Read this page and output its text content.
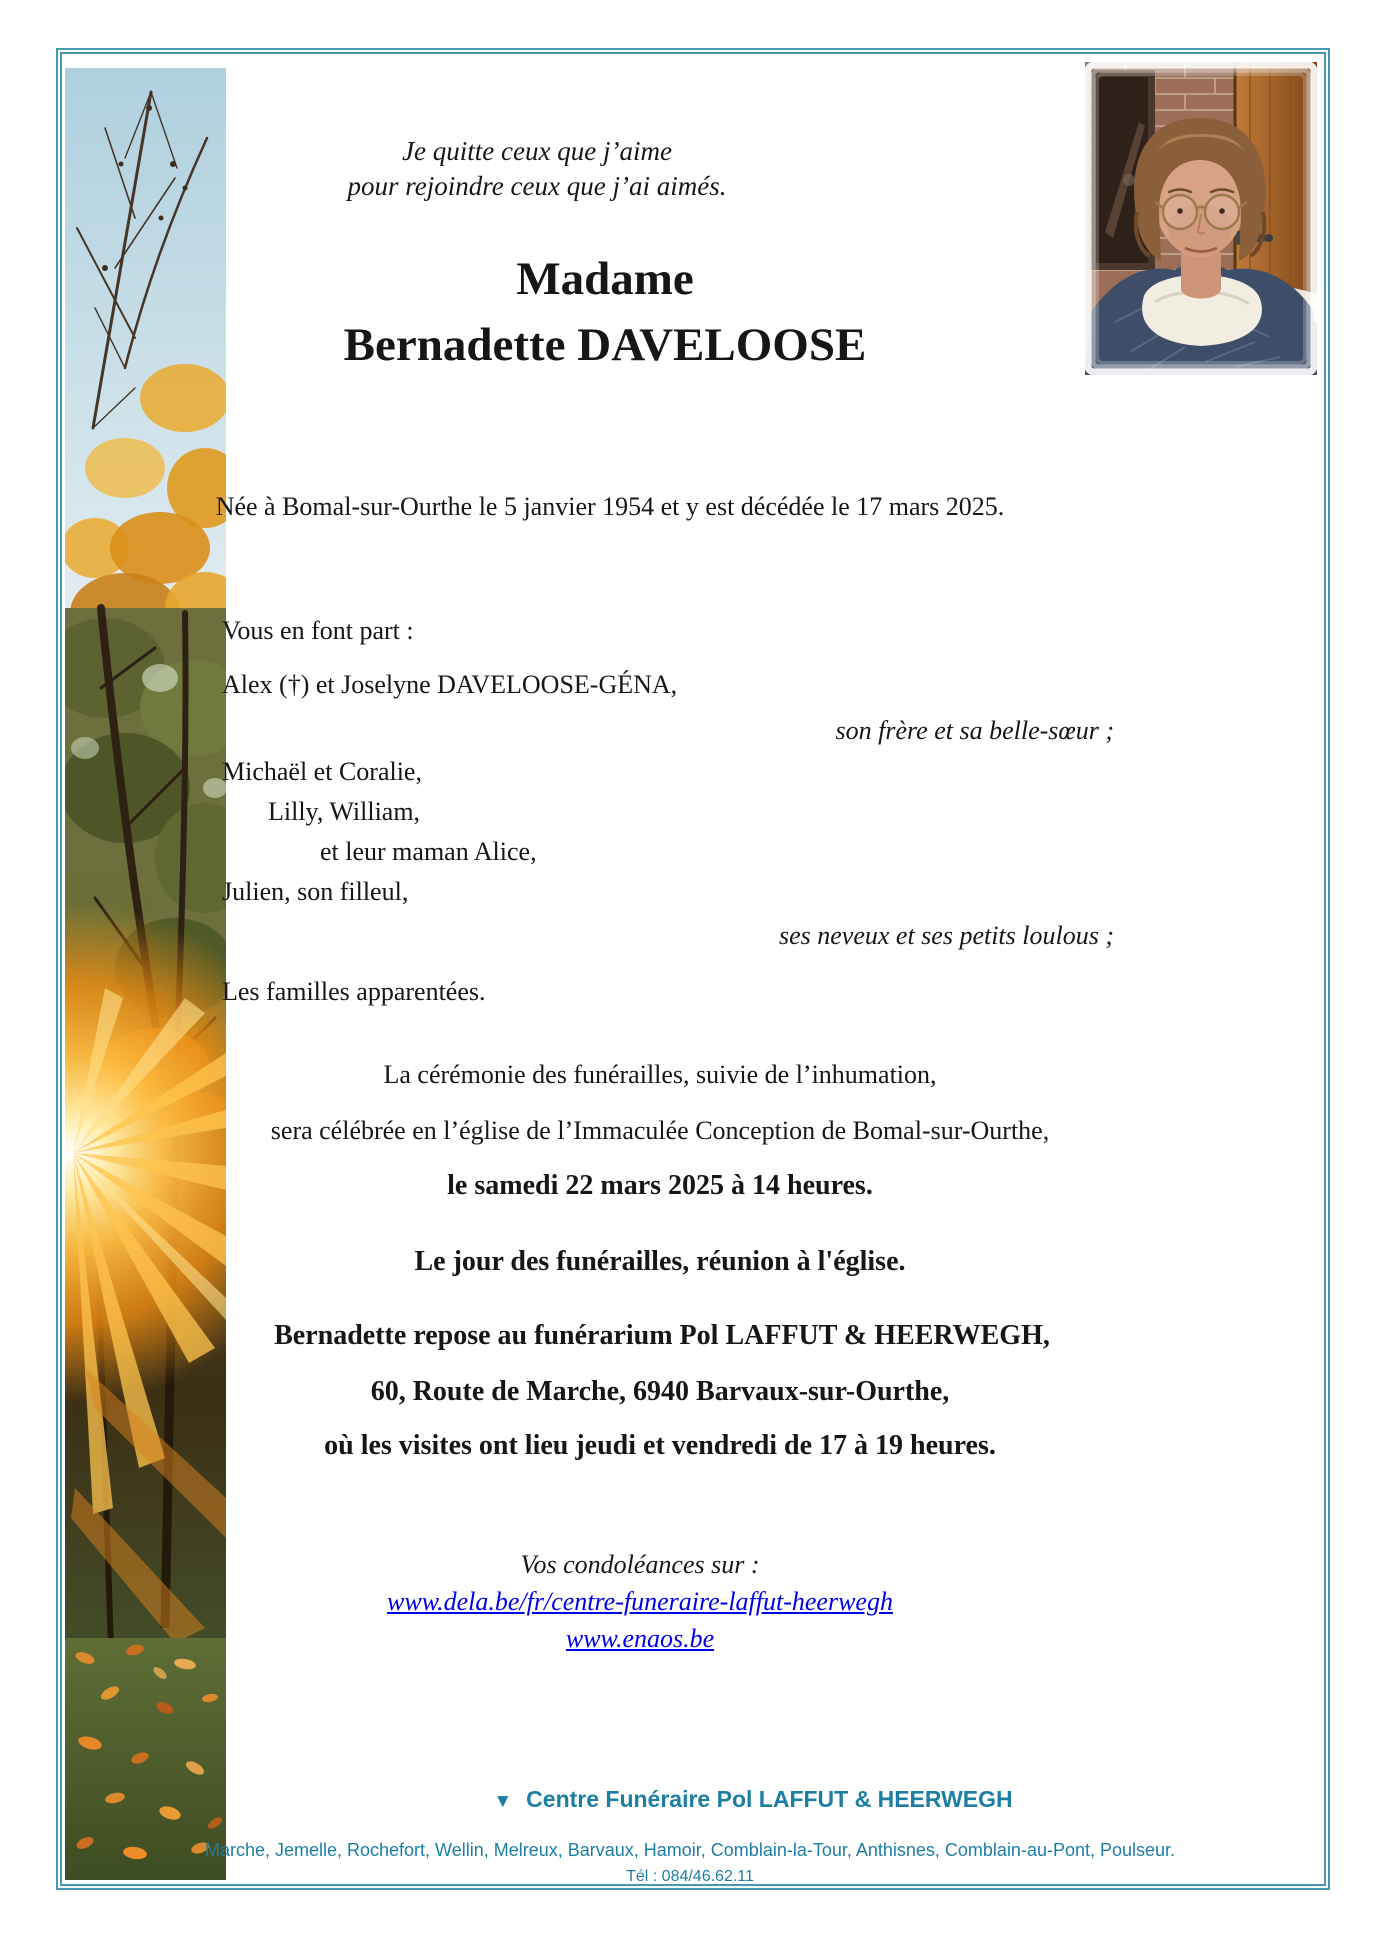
Je quitte ceux que j’aime
pour rejoindre ceux que j’ai aimés.
Madame
Bernadette DAVELOOSE
Née à Bomal-sur-Ourthe le 5 janvier 1954 et y est décédée le 17 mars 2025.
Vous en font part :
Alex (†) et Joselyne DAVELOOSE-GÉNA,
son frère et sa belle-sœur ;
Michaël et Coralie,
Lilly, William,
et leur maman Alice,
Julien, son filleul,
ses neveux et ses petits loulous ;
Les familles apparentées.
La cérémonie des funérailles, suivie de l’inhumation,
sera célébrée en l’église de l’Immaculée Conception de Bomal-sur-Ourthe,
le samedi 22 mars 2025 à 14 heures.
Le jour des funérailles, réunion à l'église.
Bernadette repose au funérarium Pol LAFFUT & HEERWEGH,
60, Route de Marche, 6940 Barvaux-sur-Ourthe,
où les visites ont lieu jeudi et vendredi de 17 à 19 heures.
Vos condoléances sur :
www.dela.be/fr/centre-funeraire-laffut-heerwegh
www.enaos.be
▼ Centre Funéraire Pol LAFFUT & HEERWEGH
Marche, Jemelle, Rochefort, Wellin, Melreux, Barvaux, Hamoir, Comblain-la-Tour, Anthisnes, Comblain-au-Pont, Poulseur.
Tél : 084/46.62.11
